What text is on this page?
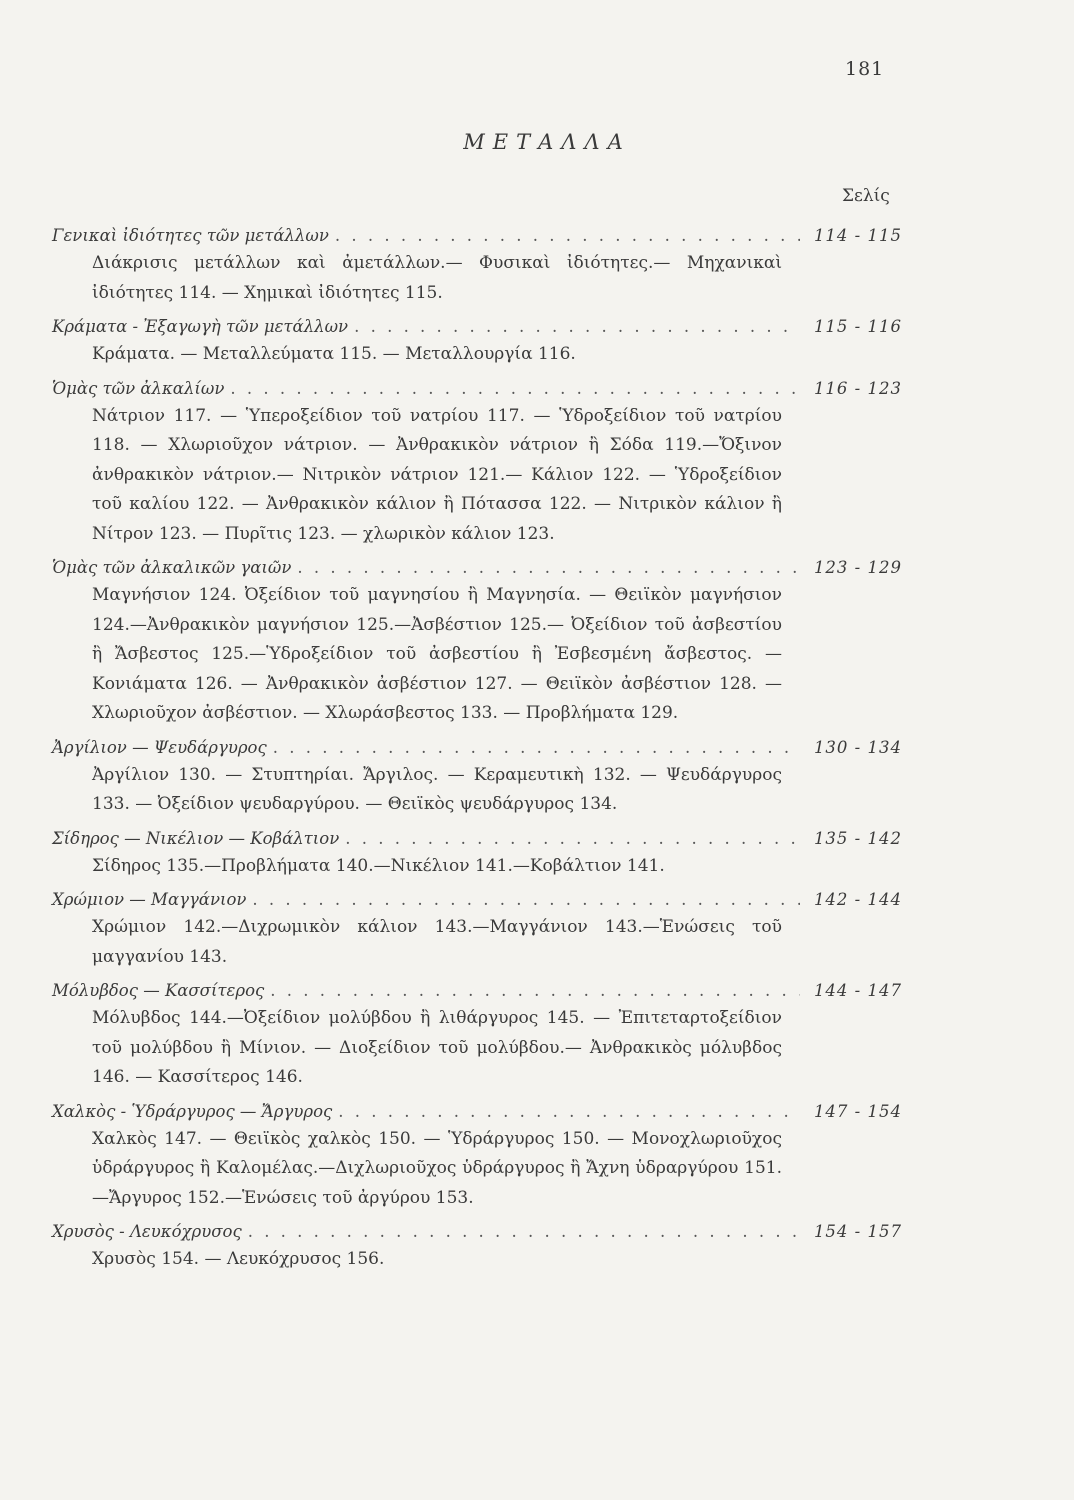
181
ΜΕΤΑΛΛΑ
Σελίς
Γενικαὶ ἰδιότητες τῶν μετάλλων . . .	114 - 115
Διάκρισις μετάλλων καὶ ἀμετάλλων.— Φυσικαὶ ἰδιότητες.— Μηχανικαὶ ἰδιότητες 114. — Χημικαὶ ἰδιότητες 115.
Κράματα - Ἐξαγωγὴ τῶν μετάλλων . . .	115 - 116
Κράματα. — Μεταλλεύματα 115. — Μεταλλουργία 116.
Ὁμὰς τῶν ἀλκαλίων . . .	116 - 123
Νάτριον 117. — Ὑπεροξείδιον τοῦ νατρίου 117. — Ὑδροξείδιον τοῦ νατρίου 118. — Χλωριοῦχον νάτριον. — Ἀνθρακικὸν νάτριον ἢ Σόδα 119.—Ὄξινον ἀνθρακικὸν νάτριον.— Νιτρικὸν νάτριον 121.— Κάλιον 122. — Ὑδροξείδιον τοῦ καλίου 122. — Ἀνθρακικὸν κάλιον ἢ Πότασσα 122. — Νιτρικὸν κάλιον ἢ Νίτρον 123. — Πυρῖτις 123. — χλωρικὸν κάλιον 123.
Ὁμὰς τῶν ἀλκαλικῶν γαιῶν . . .	123 - 129
Μαγνήσιον 124. Ὀξείδιον τοῦ μαγνησίου ἢ Μαγνησία. — Θειϊκὸν μαγνήσιον 124.—Ἀνθρακικὸν μαγνήσιον 125.—Ἀσβέστιον 125.— Ὀξείδιον τοῦ ἀσβεστίου ἢ Ἄσβεστος 125.—Ὑδροξείδιον τοῦ ἀσβεστίου ἢ Ἐσβεσμένη ἄσβεστος. — Κονιάματα 126. — Ἀνθρακικὸν ἀσβέστιον 127. — Θειϊκὸν ἀσβέστιον 128. — Χλωριοῦχον ἀσβέστιον. — Χλωράσβεστος 133. — Προβλήματα 129.
Ἀργίλιον — Ψευδάργυρος . . .	130 - 134
Ἀργίλιον 130. — Στυπτηρίαι. Ἄργιλος. — Κεραμευτικὴ 132. — Ψευδάργυρος 133. — Ὀξείδιον ψευδαργύρου. — Θειϊκὸς ψευδάργυρος 134.
Σίδηρος — Νικέλιον — Κοβάλτιον . . .	135 - 142
Σίδηρος 135.—Προβλήματα 140.—Νικέλιον 141.—Κοβάλτιον 141.
Χρώμιον — Μαγγάνιον . . .	142 - 144
Χρώμιον 142.—Διχρωμικὸν κάλιον 143.—Μαγγάνιον 143.—Ἑνώσεις τοῦ μαγγανίου 143.
Μόλυβδος — Κασσίτερος . . .	144 - 147
Μόλυβδος 144.—Ὀξείδιον μολύβδου ἢ λιθάργυρος 145. — Ἐπιτεταρτοξείδιον τοῦ μολύβδου ἢ Μίνιον. — Διοξείδιον τοῦ μολύβδου.— Ἀνθρακικὸς μόλυβδος 146. — Κασσίτερος 146.
Χαλκὸς - Ὑδράργυρος — Ἄργυρος . . .	147 - 154
Χαλκὸς 147. — Θειϊκὸς χαλκὸς 150. — Ὑδράργυρος 150. — Μονοχλωριοῦχος ὑδράργυρος ἢ Καλομέλας.—Διχλωριοῦχος ὑδράργυρος ἢ Ἄχνη ὑδραργύρου 151.—Ἄργυρος 152.—Ἑνώσεις τοῦ ἀργύρου 153.
Χρυσὸς - Λευκόχρυσος . . .	154 - 157
Χρυσὸς 154. — Λευκόχρυσος 156.
